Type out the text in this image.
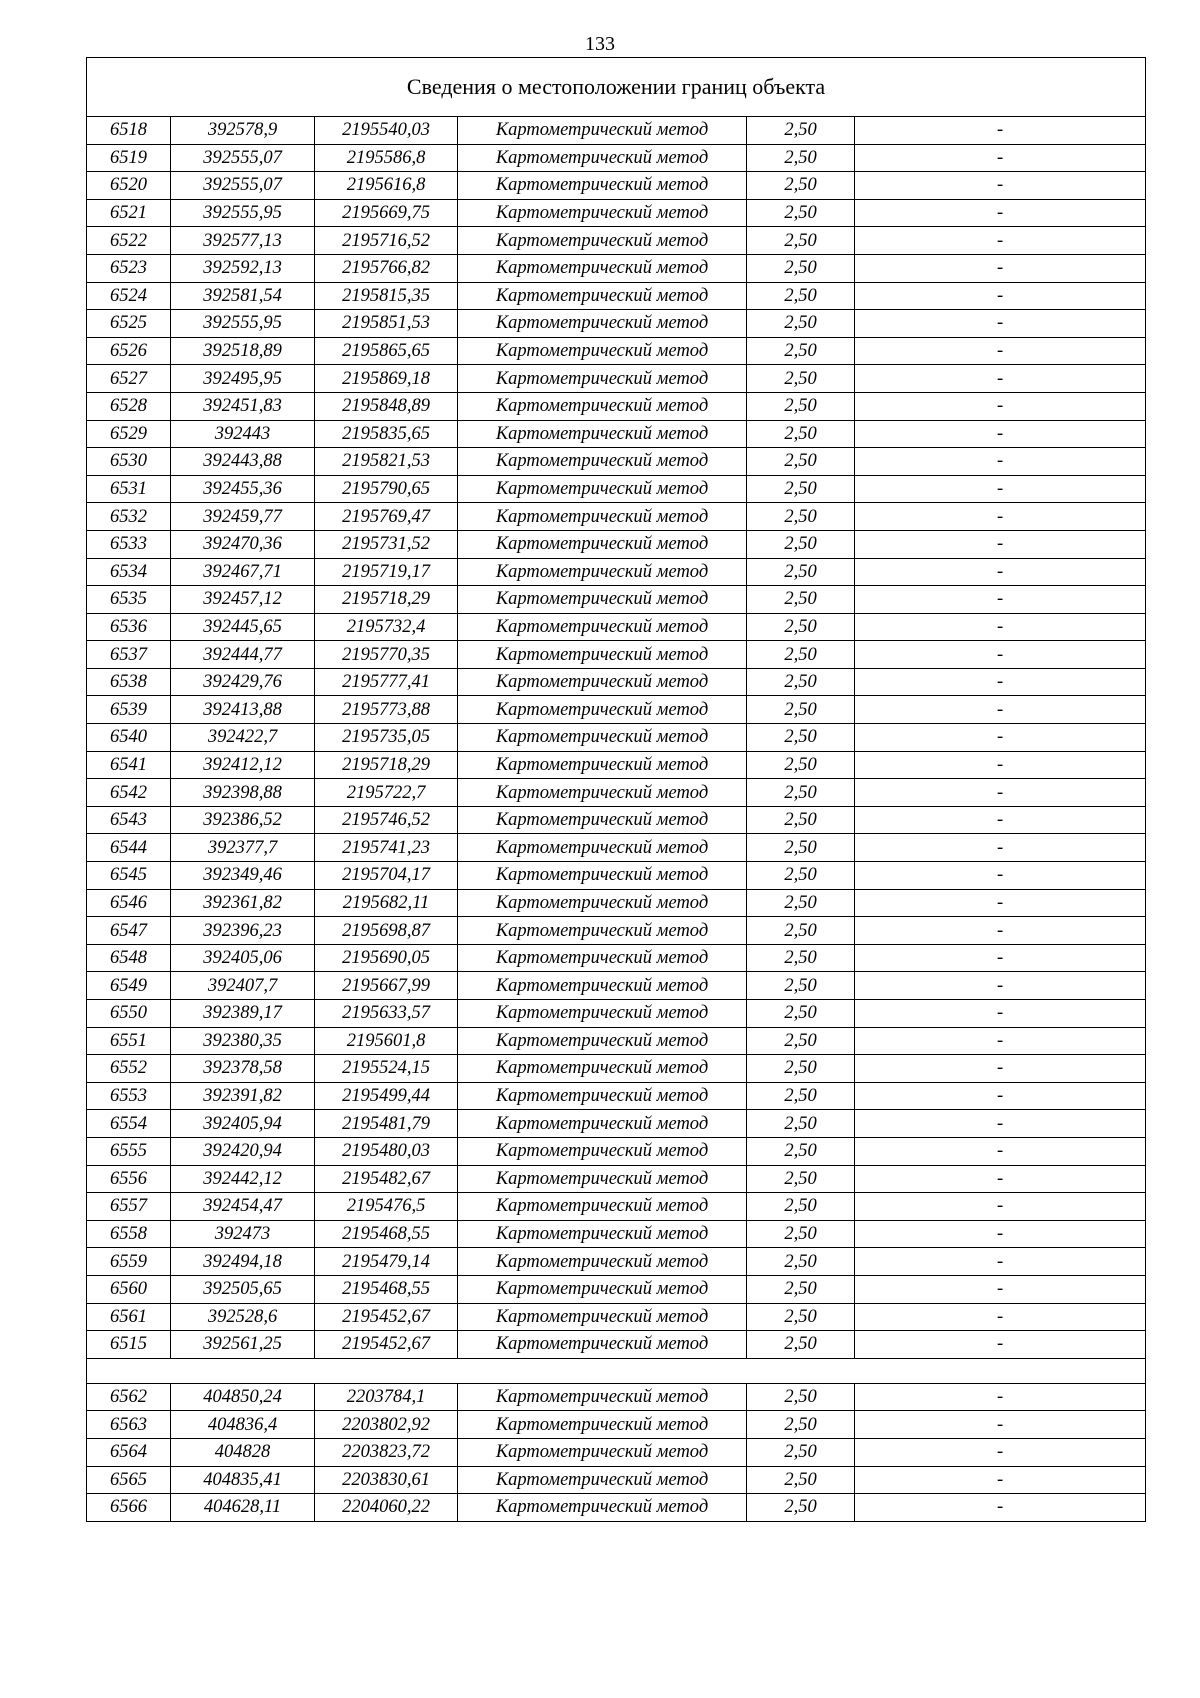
133
Сведения о местоположении границ объекта					
6518	392578,9	2195540,03	Картометрический метод	2,50	-
6519	392555,07	2195586,8	Картометрический метод	2,50	-
6520	392555,07	2195616,8	Картометрический метод	2,50	-
6521	392555,95	2195669,75	Картометрический метод	2,50	-
6522	392577,13	2195716,52	Картометрический метод	2,50	-
6523	392592,13	2195766,82	Картометрический метод	2,50	-
6524	392581,54	2195815,35	Картометрический метод	2,50	-
6525	392555,95	2195851,53	Картометрический метод	2,50	-
6526	392518,89	2195865,65	Картометрический метод	2,50	-
6527	392495,95	2195869,18	Картометрический метод	2,50	-
6528	392451,83	2195848,89	Картометрический метод	2,50	-
6529	392443	2195835,65	Картометрический метод	2,50	-
6530	392443,88	2195821,53	Картометрический метод	2,50	-
6531	392455,36	2195790,65	Картометрический метод	2,50	-
6532	392459,77	2195769,47	Картометрический метод	2,50	-
6533	392470,36	2195731,52	Картометрический метод	2,50	-
6534	392467,71	2195719,17	Картометрический метод	2,50	-
6535	392457,12	2195718,29	Картометрический метод	2,50	-
6536	392445,65	2195732,4	Картометрический метод	2,50	-
6537	392444,77	2195770,35	Картометрический метод	2,50	-
6538	392429,76	2195777,41	Картометрический метод	2,50	-
6539	392413,88	2195773,88	Картометрический метод	2,50	-
6540	392422,7	2195735,05	Картометрический метод	2,50	-
6541	392412,12	2195718,29	Картометрический метод	2,50	-
6542	392398,88	2195722,7	Картометрический метод	2,50	-
6543	392386,52	2195746,52	Картометрический метод	2,50	-
6544	392377,7	2195741,23	Картометрический метод	2,50	-
6545	392349,46	2195704,17	Картометрический метод	2,50	-
6546	392361,82	2195682,11	Картометрический метод	2,50	-
6547	392396,23	2195698,87	Картометрический метод	2,50	-
6548	392405,06	2195690,05	Картометрический метод	2,50	-
6549	392407,7	2195667,99	Картометрический метод	2,50	-
6550	392389,17	2195633,57	Картометрический метод	2,50	-
6551	392380,35	2195601,8	Картометрический метод	2,50	-
6552	392378,58	2195524,15	Картометрический метод	2,50	-
6553	392391,82	2195499,44	Картометрический метод	2,50	-
6554	392405,94	2195481,79	Картометрический метод	2,50	-
6555	392420,94	2195480,03	Картометрический метод	2,50	-
6556	392442,12	2195482,67	Картометрический метод	2,50	-
6557	392454,47	2195476,5	Картометрический метод	2,50	-
6558	392473	2195468,55	Картометрический метод	2,50	-
6559	392494,18	2195479,14	Картометрический метод	2,50	-
6560	392505,65	2195468,55	Картометрический метод	2,50	-
6561	392528,6	2195452,67	Картометрический метод	2,50	-
6515	392561,25	2195452,67	Картометрический метод	2,50	-

6562	404850,24	2203784,1	Картометрический метод	2,50	-
6563	404836,4	2203802,92	Картометрический метод	2,50	-
6564	404828	2203823,72	Картометрический метод	2,50	-
6565	404835,41	2203830,61	Картометрический метод	2,50	-
6566	404628,11	2204060,22	Картометрический метод	2,50	-
